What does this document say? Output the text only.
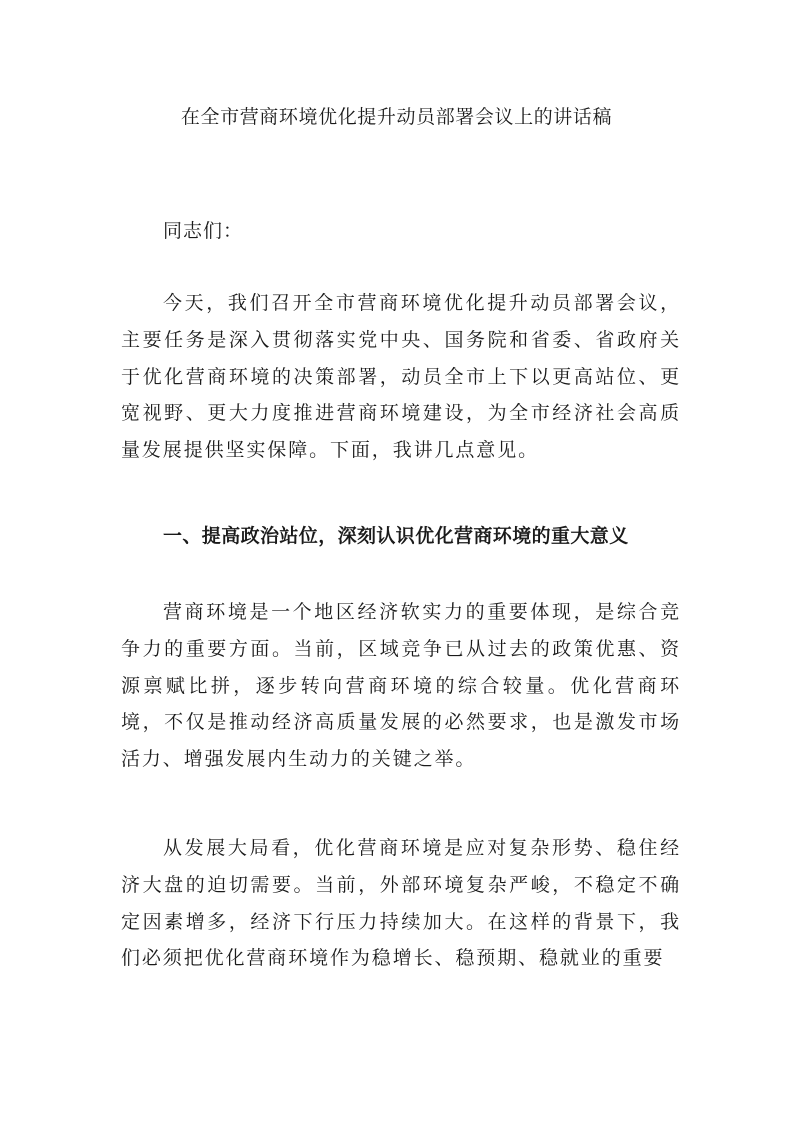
在全市营商环境优化提升动员部署会议上的讲话稿
同志们：

今天，我们召开全市营商环境优化提升动员部署会议，主要任务是深入贯彻落实党中央、国务院和省委、省政府关于优化营商环境的决策部署，动员全市上下以更高站位、更宽视野、更大力度推进营商环境建设，为全市经济社会高质量发展提供坚实保障。下面，我讲几点意见。

一、提高政治站位，深刻认识优化营商环境的重大意义

营商环境是一个地区经济软实力的重要体现，是综合竞争力的重要方面。当前，区域竞争已从过去的政策优惠、资源禀赋比拼，逐步转向营商环境的综合较量。优化营商环境，不仅是推动经济高质量发展的必然要求，也是激发市场活力、增强发展内生动力的关键之举。

从发展大局看，优化营商环境是应对复杂形势、稳住经济大盘的迫切需要。当前，外部环境复杂严峻，不稳定不确定因素增多，经济下行压力持续加大。在这样的背景下，我们必须把优化营商环境作为稳增长、稳预期、稳就业的重要
